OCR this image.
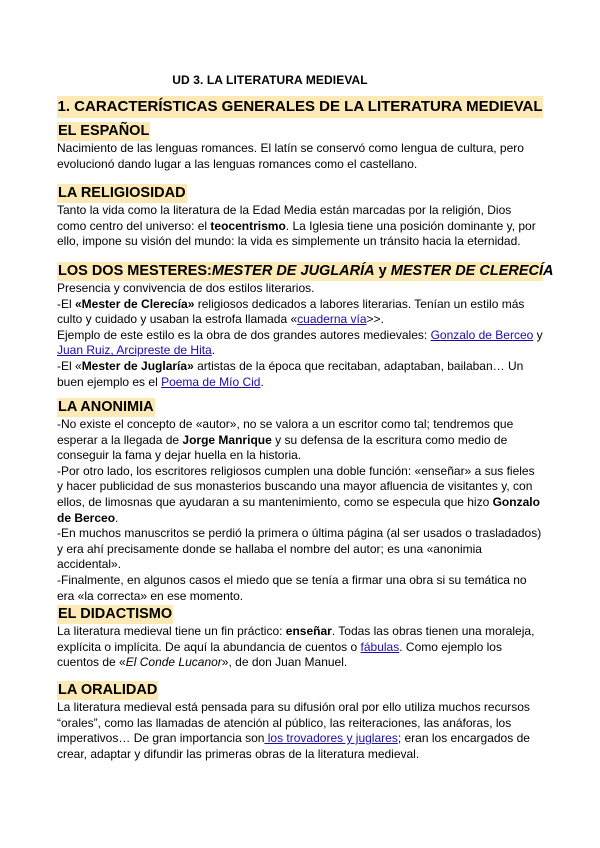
UD 3. LA LITERATURA MEDIEVAL
1. CARACTERÍSTICAS GENERALES DE LA LITERATURA MEDIEVAL
EL ESPAÑOL

Nacimiento de las lenguas romances. El latín se conservó como lengua de cultura, pero evolucionó dando lugar a las lenguas romances como el castellano.

LA RELIGIOSIDAD

Tanto la vida como la literatura de la Edad Media están marcadas por la religión, Dios como centro del universo: el teocentrismo. La Iglesia tiene una posición dominante y, por ello, impone su visión del mundo: la vida es simplemente un tránsito hacia la eternidad.

LOS DOS MESTERES:MESTER DE JUGLARÍA y MESTER DE CLERECÍA

Presencia y convivencia de dos estilos literarios.

-El «Mester de Clerecía» religiosos dedicados a labores literarias. Tenían un estilo más culto y cuidado y usaban la estrofa llamada «cuaderna vía>>.

Ejemplo de este estilo es la obra de dos grandes autores medievales: Gonzalo de Berceo y Juan Ruiz, Arcipreste de Hita.

-El «Mester de Juglaría» artistas de la época que recitaban, adaptaban, bailaban… Un buen ejemplo es el Poema de Mío Cid.

LA ANONIMIA

-No existe el concepto de «autor», no se valora a un escritor como tal; tendremos que esperar a la llegada de Jorge Manrique y su defensa de la escritura como medio de conseguir la fama y dejar huella en la historia.

-Por otro lado, los escritores religiosos cumplen una doble función: «enseñar» a sus fieles y hacer publicidad de sus monasterios buscando una mayor afluencia de visitantes y, con ellos, de limosnas que ayudaran a su mantenimiento, como se especula que hizo Gonzalo de Berceo.

-En muchos manuscritos se perdió la primera o última página (al ser usados o trasladados) y era ahí precisamente donde se hallaba el nombre del autor; es una «anonimia accidental».

-Finalmente, en algunos casos el miedo que se tenía a firmar una obra si su temática no era «la correcta» en ese momento.

EL DIDACTISMO

La literatura medieval tiene un fin práctico: enseñar. Todas las obras tienen una moraleja, explícita o implícita. De aquí la abundancia de cuentos o fábulas. Como ejemplo los cuentos de «El Conde Lucanor», de don Juan Manuel.

LA ORALIDAD

La literatura medieval está pensada para su difusión oral por ello utiliza muchos recursos “orales”, como las llamadas de atención al público, las reiteraciones, las anáforas, los imperativos… De gran importancia son los trovadores y juglares; eran los encargados de crear, adaptar y difundir las primeras obras de la literatura medieval.
